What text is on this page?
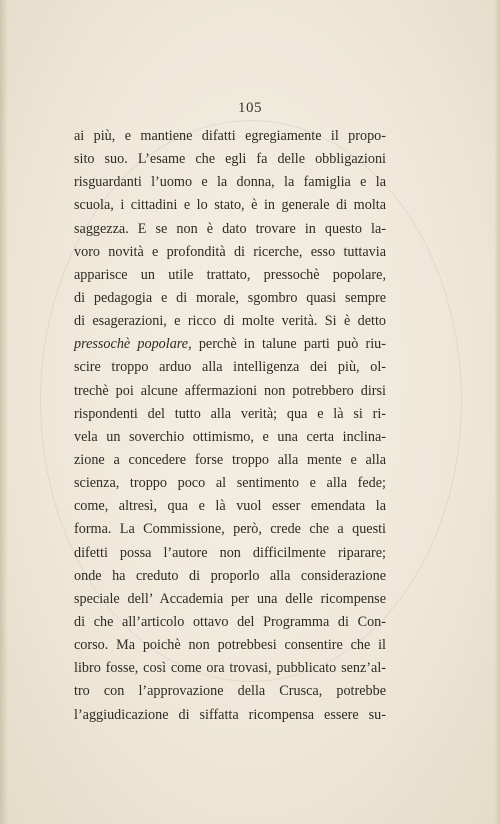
105
ai più, e mantiene difatti egregiamente il propo-
sito suo. L’esame che egli fa delle obbligazioni
risguardanti l’uomo e la donna, la famiglia e la
scuola, i cittadini e lo stato, è in generale di molta
saggezza. E se non è dato trovare in questo la-
voro novità e profondità di ricerche, esso tuttavia
apparisce un utile trattato, pressochè popolare,
di pedagogia e di morale, sgombro quasi sempre
di esagerazioni, e ricco di molte verità. Si è detto
pressochè popolare, perchè in talune parti può riu-
scire troppo arduo alla intelligenza dei più, ol-
trechè poi alcune affermazioni non potrebbero dirsi
rispondenti del tutto alla verità; qua e là si ri-
vela un soverchio ottimismo, e una certa inclina-
zione a concedere forse troppo alla mente e alla
scienza, troppo poco al sentimento e alla fede;
come, altresì, qua e là vuol esser emendata la
forma. La Commissione, però, crede che a questi
difetti possa l’autore non difficilmente riparare;
onde ha creduto di proporlo alla considerazione
speciale dell’ Accademia per una delle ricompense
di che all’articolo ottavo del Programma di Con-
corso. Ma poichè non potrebbesi consentire che il
libro fosse, così come ora trovasi, pubblicato senz’al-
tro con l’approvazione della Crusca, potrebbe
l’aggiudicazione di siffatta ricompensa essere su-
